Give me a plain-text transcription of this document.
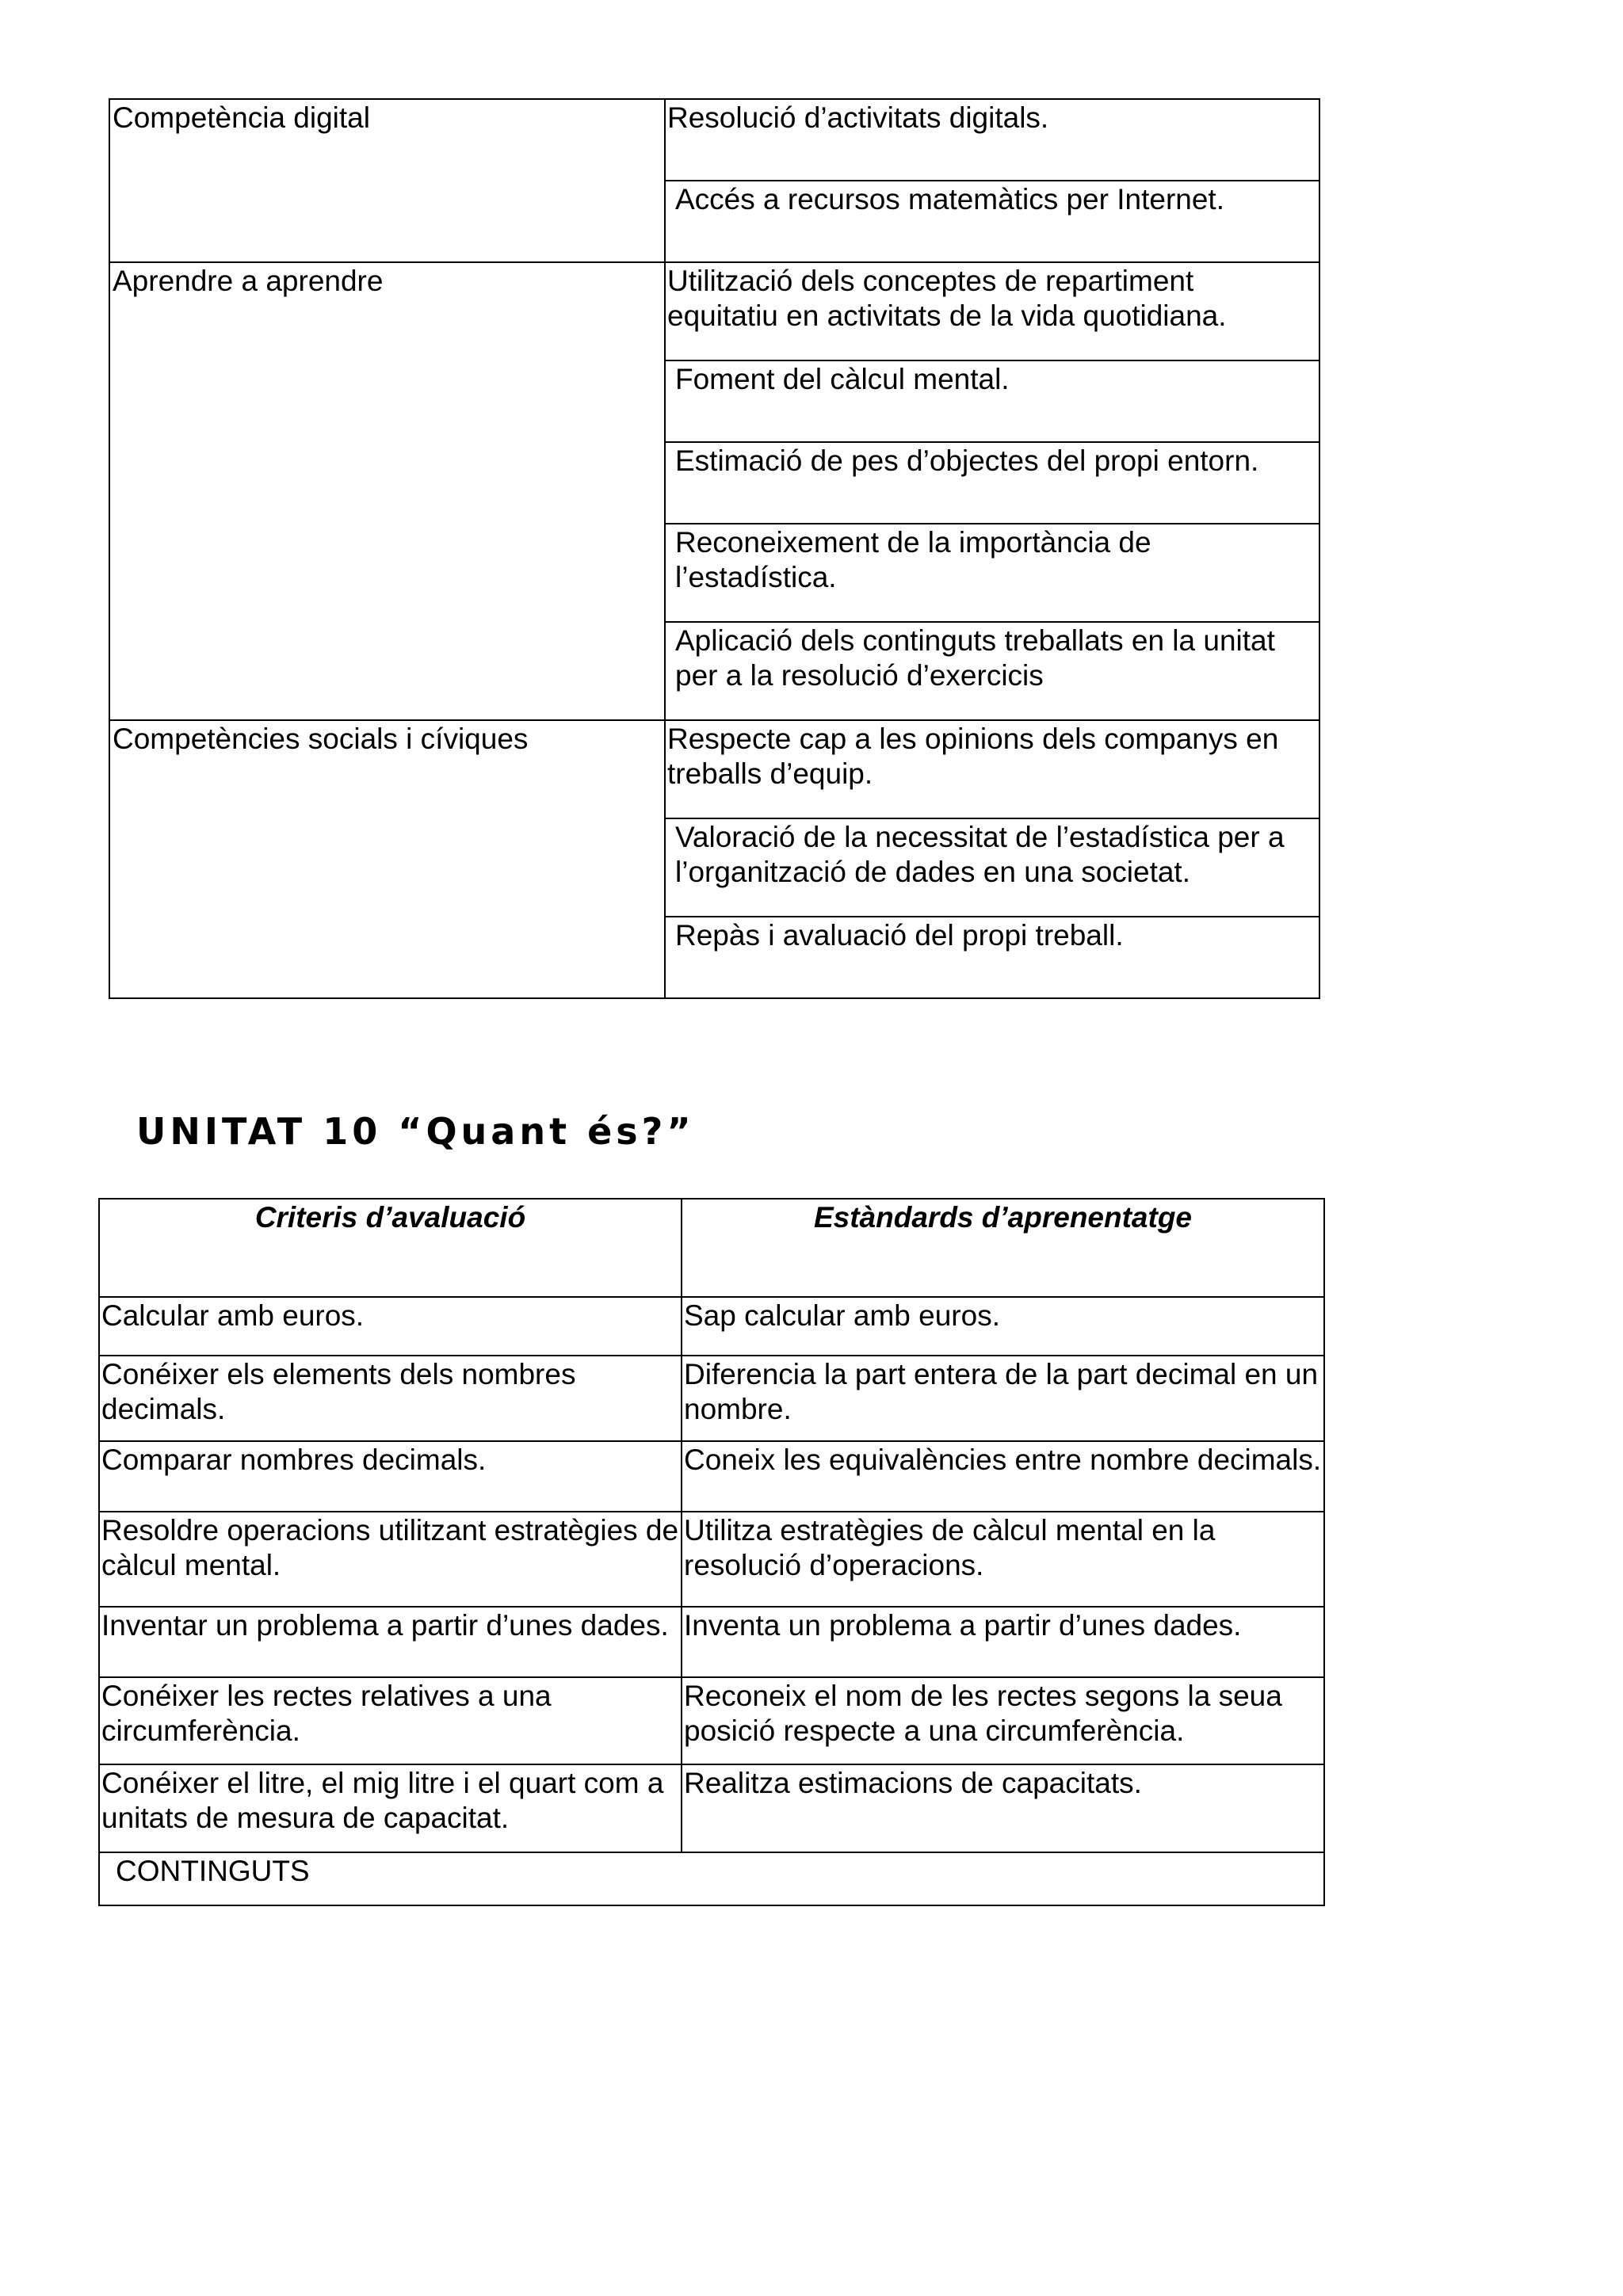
Competència digital	Resolució d’activitats digitals.
	Accés a recursos matemàtics per Internet.
Aprendre a aprendre	Utilització dels conceptes de repartiment equitatiu en activitats de la vida quotidiana.
	Foment del càlcul mental.
	Estimació de pes d’objectes del propi entorn.
	Reconeixement de la importància de l’estadística.
	Aplicació dels continguts treballats en la unitat per a la resolució d’exercicis
Competències socials i cíviques	Respecte cap a les opinions dels companys en treballs d’equip.
	Valoració de la necessitat de l’estadística per a l’organització de dades en una societat.
	Repàs i avaluació del propi treball.
UNITAT 10 “Quant és?”
Criteris d’avaluació	Estàndards d’aprenentatge
Calcular amb euros.	Sap calcular amb euros.
Conéixer els elements dels nombres decimals.	Diferencia la part entera de la part decimal en un nombre.
Comparar nombres decimals.	Coneix les equivalències entre nombre decimals.
Resoldre operacions utilitzant estratègies de càlcul mental.	Utilitza estratègies de càlcul mental en la resolució d’operacions.
Inventar un problema a partir d’unes dades.	Inventa un problema a partir d’unes dades.
Conéixer les rectes relatives a una circumferència.	Reconeix el nom de les rectes segons la seua posició respecte a una circumferència.
Conéixer el litre, el mig litre i el quart com a unitats de mesura de capacitat.	Realitza estimacions de capacitats.
CONTINGUTS	
